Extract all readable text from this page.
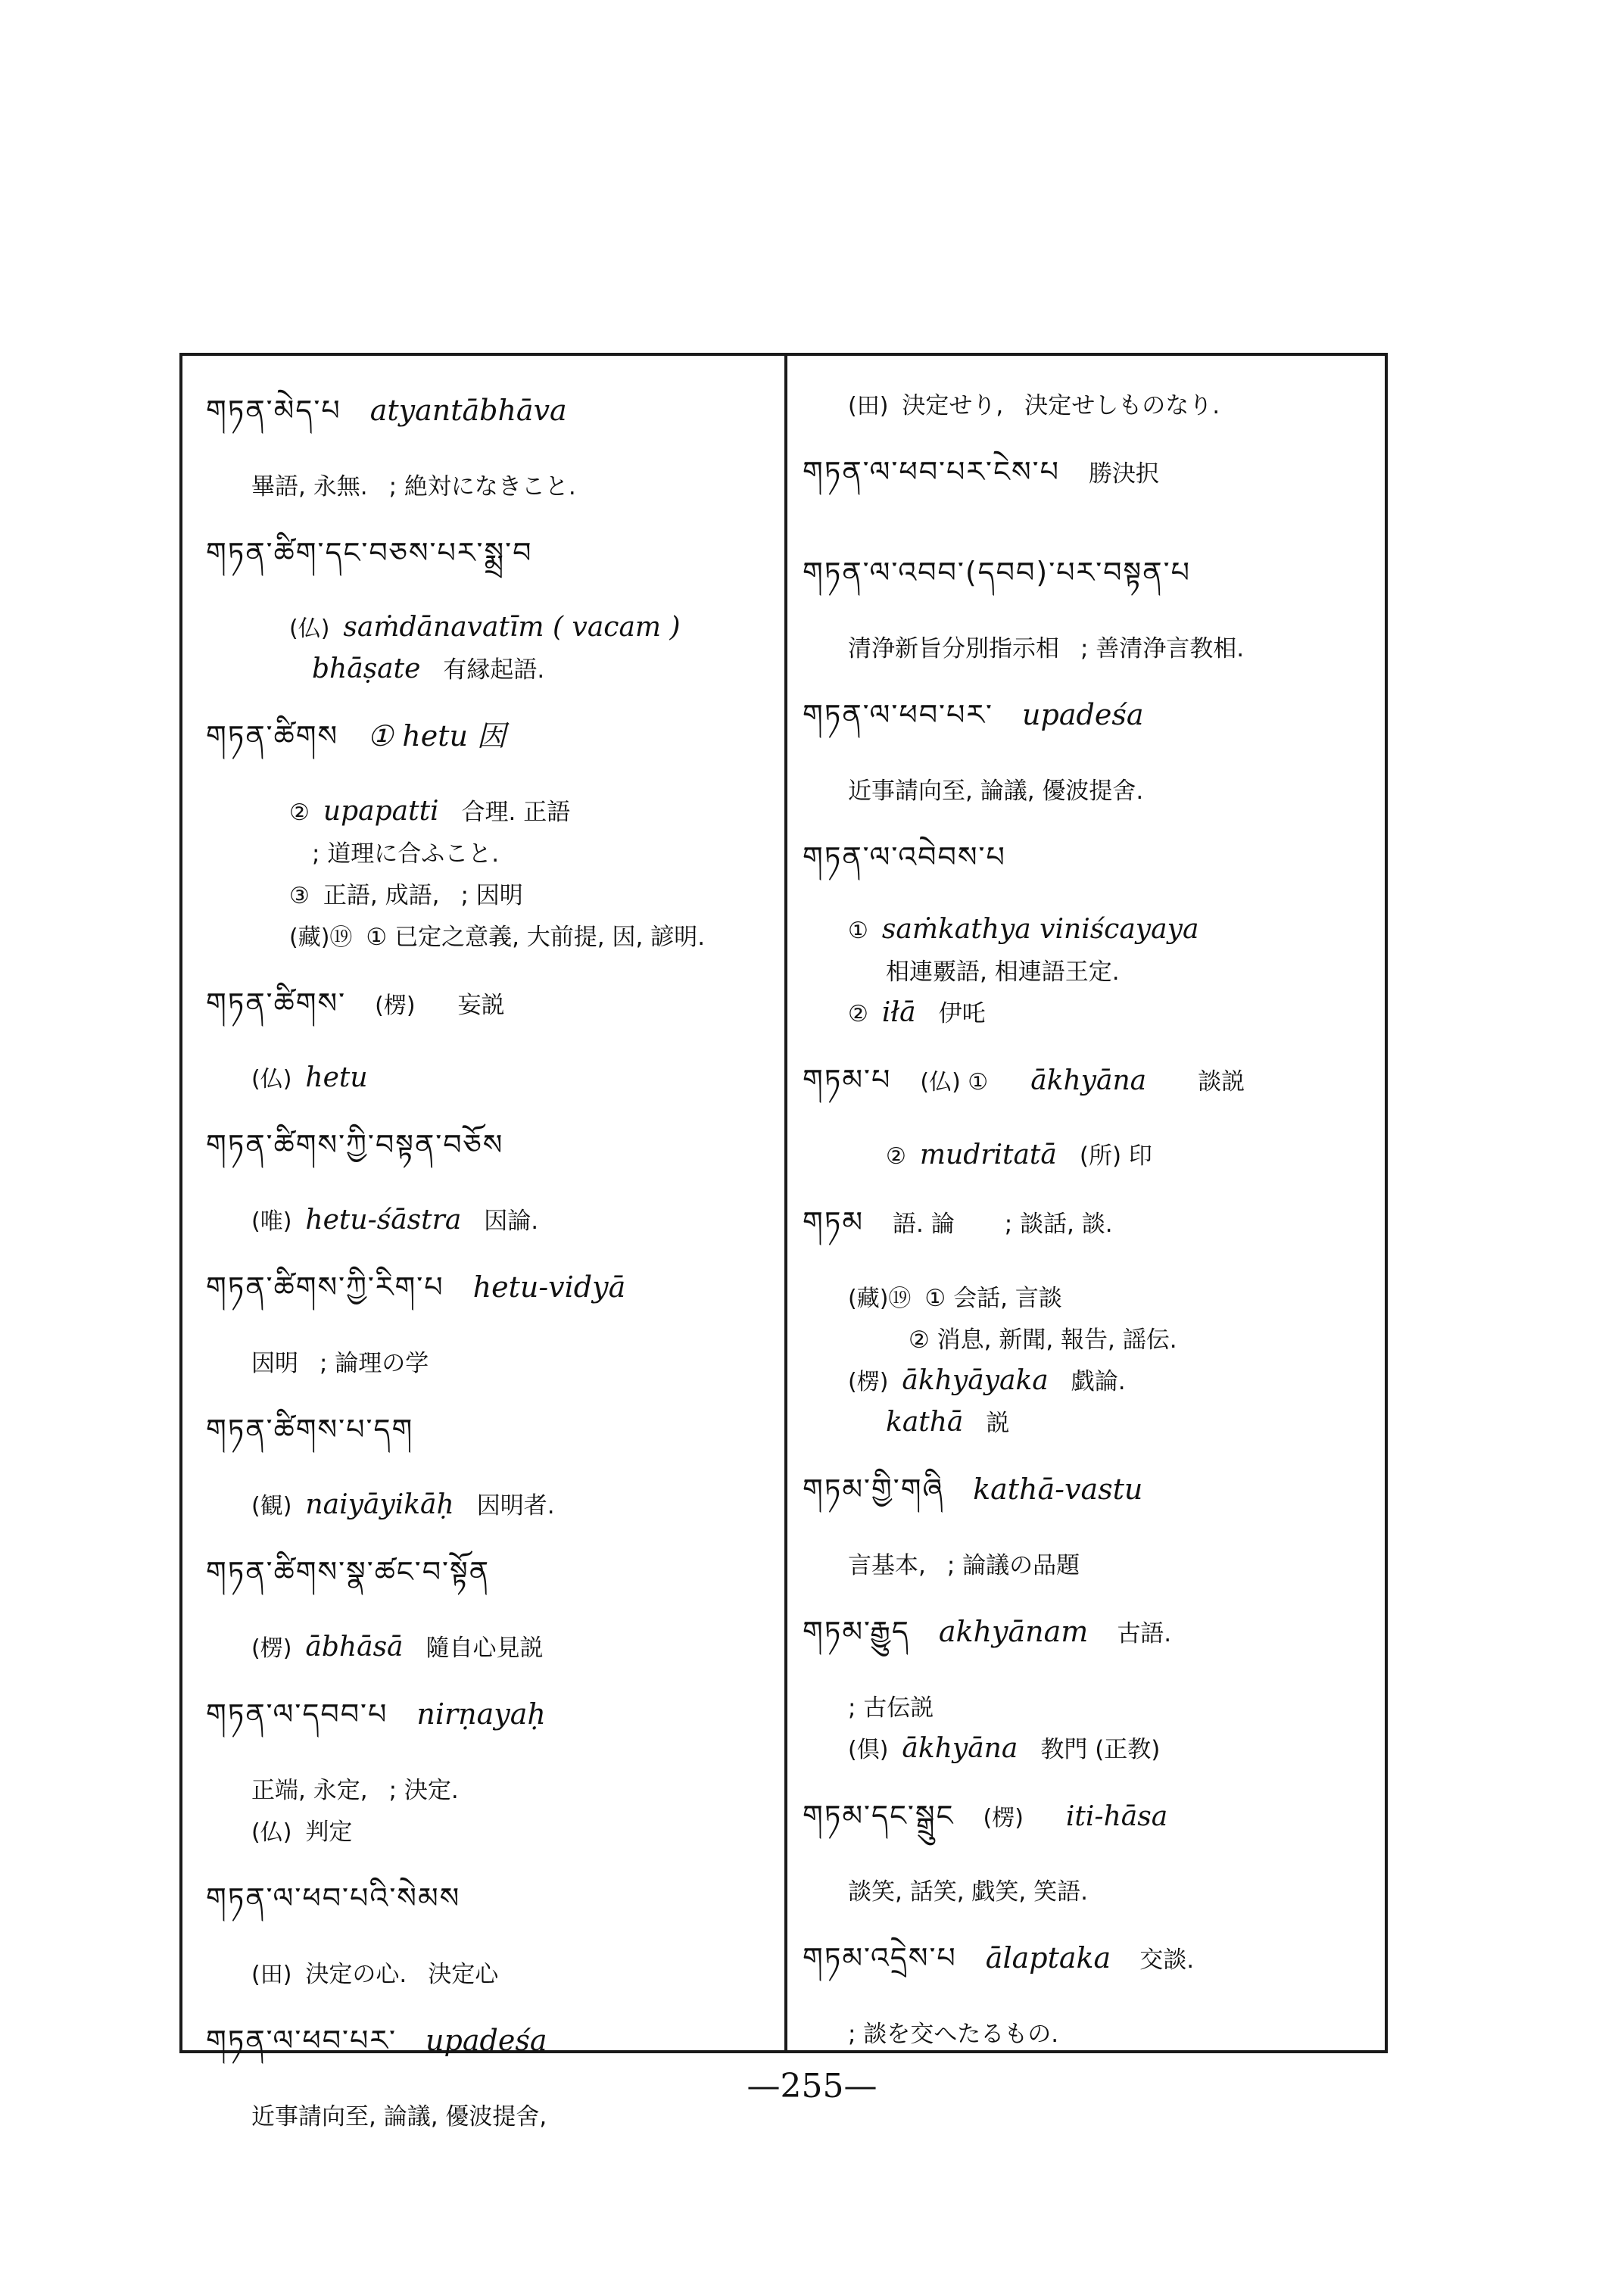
གཏན་མེད་པ atyantābhāva
畢語, 永無. ; 絶対になきこと.
གཏན་ཚིག་དང་བཅས་པར་སྨྲ་བ
(仏) saṁdānavatīm ( vacam )
bhāṣate 有縁起語.
གཏན་ཚིགས ① hetu 因
② upapatti 合理. 正語
; 道理に合ふこと.
③ 正語, 成語, ; 因明
(藏)⑲ ① 已定之意義, 大前提, 因, 諺明.
གཏན་ཚིགས་ (楞) 妄説
(仏) hetu
གཏན་ཚིགས་ཀྱི་བསྟན་བཅོས
(唯) hetu-śāstra 因論.
གཏན་ཚིགས་ཀྱི་རིག་པ hetu-vidyā
因明 ; 論理の学
གཏན་ཚིགས་པ་དག
(観) naiyāyikāḥ 因明者.
གཏན་ཚིགས་སྣ་ཚང་བ་སྟོན
(楞) ābhāsā 隨自心見説
གཏན་ལ་དབབ་པ nirṇayaḥ
正端, 永定, ; 決定.
(仏) 判定
གཏན་ལ་ཕབ་པའི་སེམས
(田) 決定の心. 決定心
གཏན་ལ་ཕབ་པར་ upadeśa
近事請向至, 論議, 優波提舍,
(田) 決定せり, 決定せしものなり.
གཏན་ལ་ཕབ་པར་ངེས་པ 勝決択
གཏན་ལ་འབབ་(དབབ)་པར་བསྟན་པ
清浄新旨分別指示相 ; 善清浄言教相.
གཏན་ལ་ཕབ་པར་ upadeśa
近事請向至, 論議, 優波提舍.
གཏན་ལ་འབེབས་པ
① saṁkathya viniścayaya
相連覈語, 相連語王定.
② iłā 伊吒
གཏམ་པ (仏) ① ākhyāna 談説
② mudritatā (所) 印
གཏམ 語. 論 ; 談話, 談.
(藏)⑲ ① 会話, 言談
② 消息, 新聞, 報告, 謡伝.
(楞) ākhyāyaka 戯論.
kathā 説
གཏམ་གྱི་གཞི kathā-vastu
言基本, ; 論議の品題
གཏམ་རྒྱུད akhyānam 古語.
; 古伝説
(倶) ākhyāna 教門 (正教)
གཏམ་དང་སྒྲུང (楞) iti-hāsa
談笑, 話笑, 戯笑, 笑語.
གཏམ་འདྲེས་པ ālaptaka 交談.
; 談を交へたるもの.
—255—
